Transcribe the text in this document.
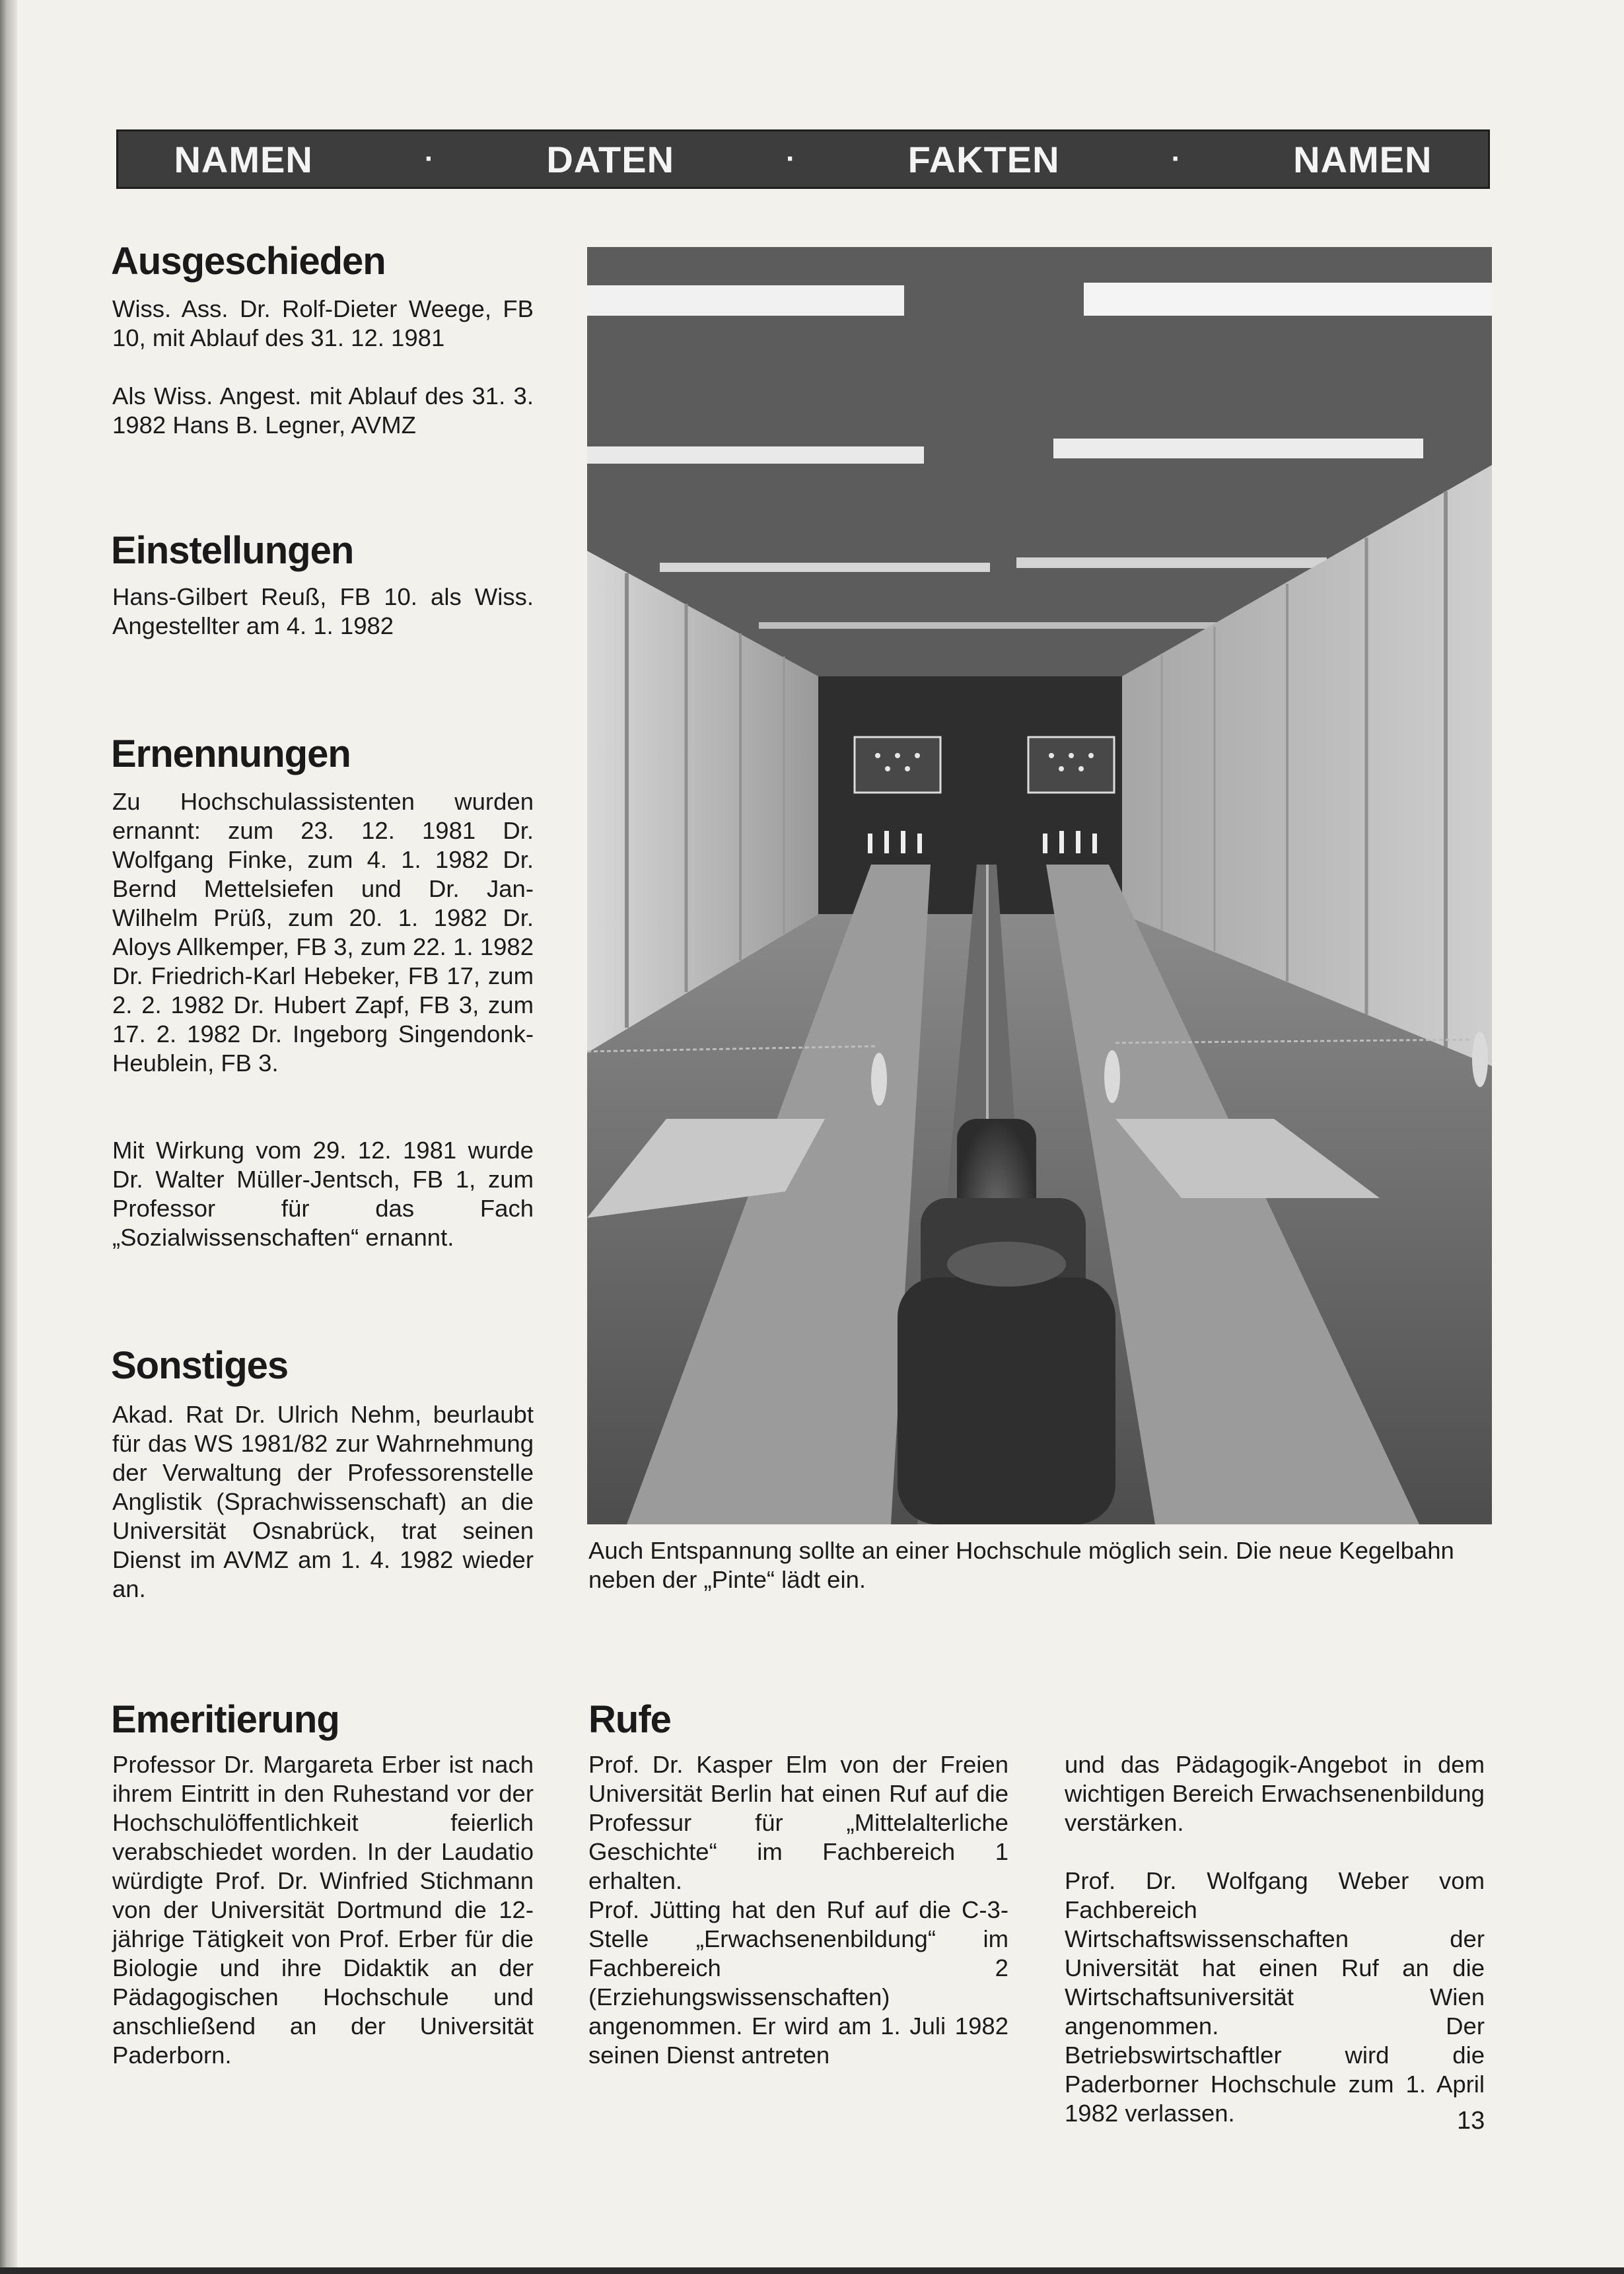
NAMEN	·	DATEN	·	FAKTEN	·	NAMEN
Ausgeschieden

Wiss. Ass. Dr. Rolf-Dieter Weege, FB 10, mit Ablauf des 31. 12. 1981

Als Wiss. Angest. mit Ablauf des 31. 3. 1982 Hans B. Legner, AVMZ

Einstellungen

Hans-Gilbert Reuß, FB 10. als Wiss. Angestellter am 4. 1. 1982

Ernennungen

Zu Hochschulassistenten wurden ernannt: zum 23. 12. 1981 Dr. Wolfgang Finke, zum 4. 1. 1982 Dr. Bernd Mettelsiefen und Dr. Jan-Wilhelm Prüß, zum 20. 1. 1982 Dr. Aloys Allkemper, FB 3, zum 22. 1. 1982 Dr. Friedrich-Karl Hebeker, FB 17, zum 2. 2. 1982 Dr. Hubert Zapf, FB 3, zum 17. 2. 1982 Dr. Ingeborg Singendonk-Heublein, FB 3.

Mit Wirkung vom 29. 12. 1981 wurde Dr. Walter Müller-Jentsch, FB 1, zum Professor für das Fach „Sozialwissenschaften“ ernannt.

Sonstiges

Akad. Rat Dr. Ulrich Nehm, beurlaubt für das WS 1981/82 zur Wahrnehmung der Verwaltung der Professorenstelle Anglistik (Sprachwissenschaft) an die Universität Osnabrück, trat seinen Dienst im AVMZ am 1. 4. 1982 wieder an.

Emeritierung

Professor Dr. Margareta Erber ist nach ihrem Eintritt in den Ruhestand vor der Hochschulöffentlichkeit feierlich verabschiedet worden. In der Laudatio würdigte Prof. Dr. Winfried Stichmann von der Universität Dortmund die 12-jährige Tätigkeit von Prof. Erber für die Biologie und ihre Didaktik an der Pädagogischen Hochschule und anschließend an der Universität Paderborn.

Auch Entspannung sollte an einer Hochschule möglich sein. Die neue Kegelbahn neben der „Pinte“ lädt ein.

Rufe

Prof. Dr. Kasper Elm von der Freien Universität Berlin hat einen Ruf auf die Professur für „Mittelalterliche Geschichte“ im Fachbereich 1 erhalten.

Prof. Jütting hat den Ruf auf die C-3-Stelle „Erwachsenenbildung“ im Fachbereich 2 (Erziehungswissenschaften) angenommen. Er wird am 1. Juli 1982 seinen Dienst antreten

und das Pädagogik-Angebot in dem wichtigen Bereich Erwachsenenbildung verstärken.

Prof. Dr. Wolfgang Weber vom Fachbereich Wirtschaftswissenschaften der Universität hat einen Ruf an die Wirtschaftsuniversität Wien angenommen. Der Betriebswirtschaftler wird die Paderborner Hochschule zum 1. April 1982 verlassen.	13
